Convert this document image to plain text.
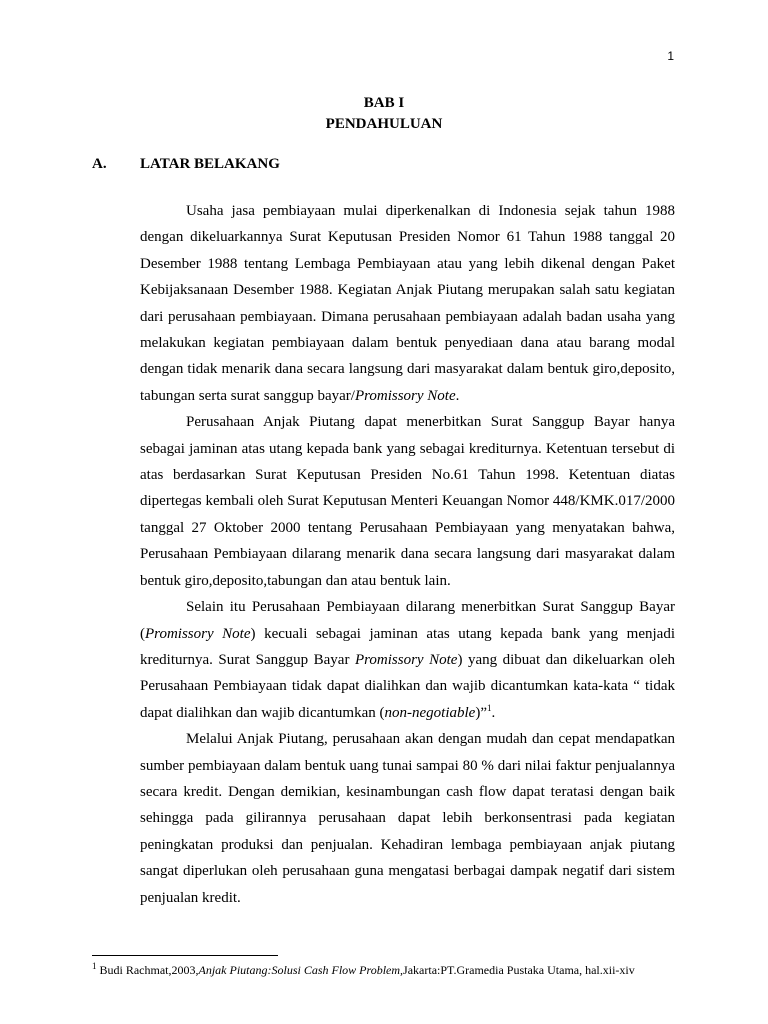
1
BAB I
PENDAHULUAN
A. LATAR BELAKANG

Usaha jasa pembiayaan mulai diperkenalkan di Indonesia sejak tahun 1988 dengan dikeluarkannya Surat Keputusan Presiden Nomor 61 Tahun 1988 tanggal 20 Desember 1988 tentang Lembaga Pembiayaan atau yang lebih dikenal dengan Paket Kebijaksanaan Desember 1988. Kegiatan Anjak Piutang merupakan salah satu kegiatan dari perusahaan pembiayaan. Dimana perusahaan pembiayaan adalah badan usaha yang melakukan kegiatan pembiayaan dalam bentuk penyediaan dana atau barang modal dengan tidak menarik dana secara langsung dari masyarakat dalam bentuk giro,deposito, tabungan serta surat sanggup bayar/Promissory Note.

Perusahaan Anjak Piutang dapat menerbitkan Surat Sanggup Bayar hanya sebagai jaminan atas utang kepada bank yang sebagai krediturnya. Ketentuan tersebut di atas berdasarkan Surat Keputusan Presiden No.61 Tahun 1998. Ketentuan diatas dipertegas kembali oleh Surat Keputusan Menteri Keuangan Nomor 448/KMK.017/2000 tanggal 27 Oktober 2000 tentang Perusahaan Pembiayaan yang menyatakan bahwa, Perusahaan Pembiayaan dilarang menarik dana secara langsung dari masyarakat dalam bentuk giro,deposito,tabungan dan atau bentuk lain.

Selain itu Perusahaan Pembiayaan dilarang menerbitkan Surat Sanggup Bayar (Promissory Note) kecuali sebagai jaminan atas utang kepada bank yang menjadi krediturnya. Surat Sanggup Bayar Promissory Note) yang dibuat dan dikeluarkan oleh Perusahaan Pembiayaan tidak dapat dialihkan dan wajib dicantumkan kata-kata “ tidak dapat dialihkan dan wajib dicantumkan (non-negotiable)”$^1$.

Melalui Anjak Piutang, perusahaan akan dengan mudah dan cepat mendapatkan sumber pembiayaan dalam bentuk uang tunai sampai 80 % dari nilai faktur penjualannya secara kredit. Dengan demikian, kesinambungan cash flow dapat teratasi dengan baik sehingga pada gilirannya perusahaan dapat lebih berkonsentrasi pada kegiatan peningkatan produksi dan penjualan. Kehadiran lembaga pembiayaan anjak piutang sangat diperlukan oleh perusahaan guna mengatasi berbagai dampak negatif dari sistem penjualan kredit.

$^1$ Budi Rachmat,2003,Anjak Piutang:Solusi Cash Flow Problem,Jakarta:PT.Gramedia Pustaka Utama, hal.xii-xiv
